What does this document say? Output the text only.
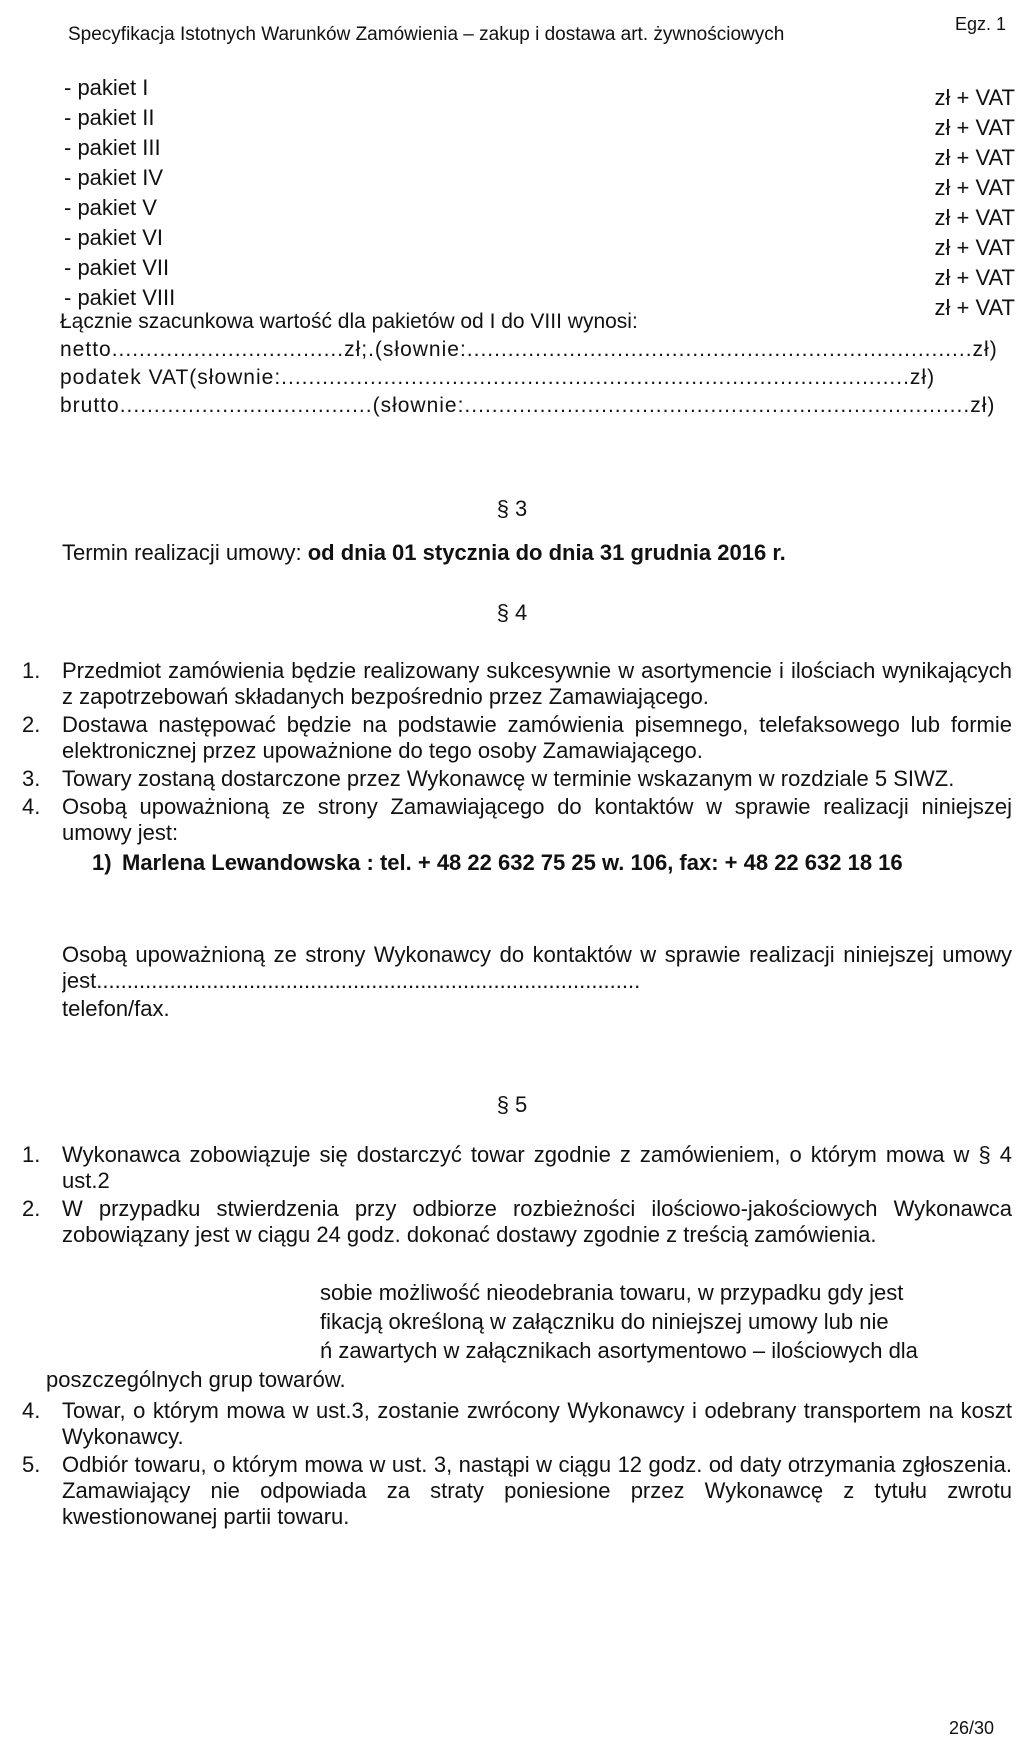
Specyfikacja Istotnych Warunków Zamówienia – zakup i dostawa art. żywnościowych	Egz. 1
- pakiet I	zł + VAT
- pakiet II	zł + VAT
- pakiet III	zł + VAT
- pakiet IV	zł + VAT
- pakiet V	zł + VAT
- pakiet VI	zł + VAT
- pakiet VII	zł + VAT
- pakiet VIII	zł + VAT
Łącznie szacunkowa wartość dla pakietów od I do VIII wynosi:
netto..................................zł;.(słownie:..........................................................................zł)
podatek VAT(słownie:............................................................................................zł)
brutto.....................................(słownie:..........................................................................zł)
§ 3
Termin realizacji umowy: od dnia 01 stycznia do dnia 31 grudnia 2016 r.
§ 4
1. Przedmiot zamówienia będzie realizowany sukcesywnie w asortymencie i ilościach wynikających z zapotrzebowań składanych bezpośrednio przez Zamawiającego.
2. Dostawa następować będzie na podstawie zamówienia pisemnego, telefaksowego lub formie elektronicznej przez upoważnione do tego osoby Zamawiającego.
3. Towary zostaną dostarczone przez Wykonawcę w terminie wskazanym w rozdziale 5 SIWZ.
4. Osobą upoważnioną ze strony Zamawiającego do kontaktów w sprawie realizacji niniejszej umowy jest:
1) Marlena Lewandowska : tel. + 48 22 632 75 25 w. 106, fax: + 48 22 632 18 16
Osobą upoważnioną ze strony Wykonawcy do kontaktów w sprawie realizacji niniejszej umowy jest.........................................................................................
telefon/fax.
§ 5
1. Wykonawca zobowiązuje się dostarczyć towar zgodnie z zamówieniem, o którym mowa w § 4 ust.2
2. W przypadku stwierdzenia przy odbiorze rozbieżności ilościowo-jakościowych Wykonawca zobowiązany jest w ciągu 24 godz. dokonać dostawy zgodnie z treścią zamówienia.
sobie możliwość nieodebrania towaru, w przypadku gdy jest
fikacją określoną w załączniku do niniejszej umowy lub nie
ń zawartych w załącznikach asortymentowo – ilościowych dla
poszczególnych grup towarów.
4. Towar, o którym mowa w ust.3, zostanie zwrócony Wykonawcy i odebrany transportem na koszt Wykonawcy.
5. Odbiór towaru, o którym mowa w ust. 3, nastąpi w ciągu 12 godz. od daty otrzymania zgłoszenia. Zamawiający nie odpowiada za straty poniesione przez Wykonawcę z tytułu zwrotu kwestionowanej partii towaru.
26/30
